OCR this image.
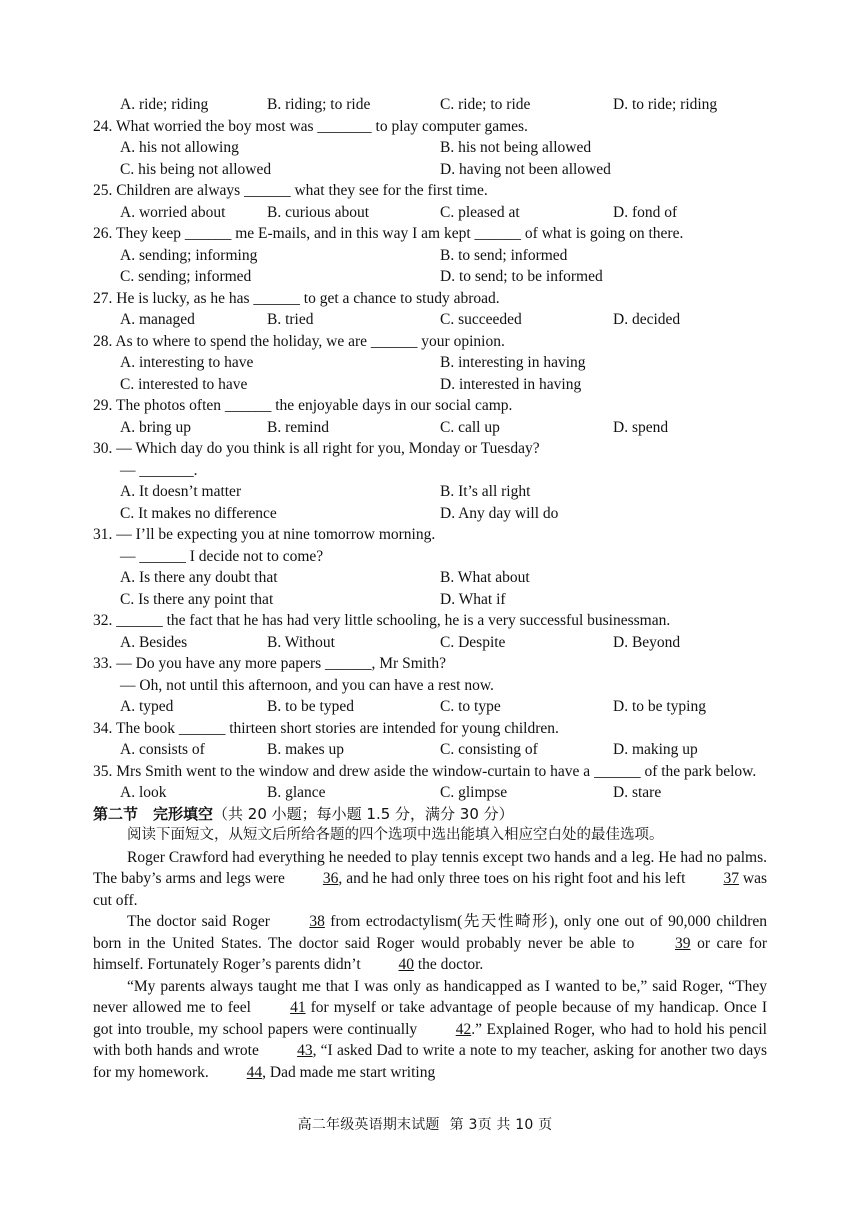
A. ride; riding	B. riding; to ride	C. ride; to ride	D. to ride; riding
24. What worried the boy most was _______ to play computer games.
A. his not allowing	B. his not being allowed
C. his being not allowed	D. having not been allowed
25. Children are always ______ what they see for the first time.
A. worried about	B. curious about	C. pleased at	D. fond of
26. They keep ______ me E-mails, and in this way I am kept ______ of what is going on there.
A. sending; informing	B. to send; informed
C. sending; informed	D. to send; to be informed
27. He is lucky, as he has ______ to get a chance to study abroad.
A. managed	B. tried	C. succeeded	D. decided
28. As to where to spend the holiday, we are ______ your opinion.
A. interesting to have	B. interesting in having
C. interested to have	D. interested in having
29. The photos often ______ the enjoyable days in our social camp.
A. bring up	B. remind	C. call up	D. spend
30. — Which day do you think is all right for you, Monday or Tuesday?
— _______.
A. It doesn’t matter	B. It’s all right
C. It makes no difference	D. Any day will do
31. — I’ll be expecting you at nine tomorrow morning.
— ______ I decide not to come?
A. Is there any doubt that	B. What about
C. Is there any point that	D. What if
32. ______ the fact that he has had very little schooling, he is a very successful businessman.
A. Besides	B. Without	C. Despite	D. Beyond
33. — Do you have any more papers ______, Mr Smith?
— Oh, not until this afternoon, and you can have a rest now.
A. typed	B. to be typed	C. to type	D. to be typing
34. The book ______ thirteen short stories are intended for young children.
A. consists of	B. makes up	C. consisting of	D. making up
35. Mrs Smith went to the window and drew aside the window-curtain to have a ______ of the park below.
A. look	B. glance	C. glimpse	D. stare
第二节　完形填空（共 20 小题；每小题 1.5 分，满分 30 分）
阅读下面短文，从短文后所给各题的四个选项中选出能填入相应空白处的最佳选项。
Roger Crawford had everything he needed to play tennis except two hands and a leg. He had no palms. The baby’s arms and legs were 36, and he had only three toes on his right foot and his left 37 was cut off.
The doctor said Roger 38 from ectrodactylism(先天性畸形), only one out of 90,000 children born in the United States. The doctor said Roger would probably never be able to 39 or care for himself. Fortunately Roger’s parents didn’t 40 the doctor.
“My parents always taught me that I was only as handicapped as I wanted to be,” said Roger, “They never allowed me to feel 41 for myself or take advantage of people because of my handicap. Once I got into trouble, my school papers were continually 42.” Explained Roger, who had to hold his pencil with both hands and wrote 43, “I asked Dad to write a note to my teacher, asking for another two days for my homework. 44, Dad made me start writing
高二年级英语期末试题 第 3页 共 10 页
